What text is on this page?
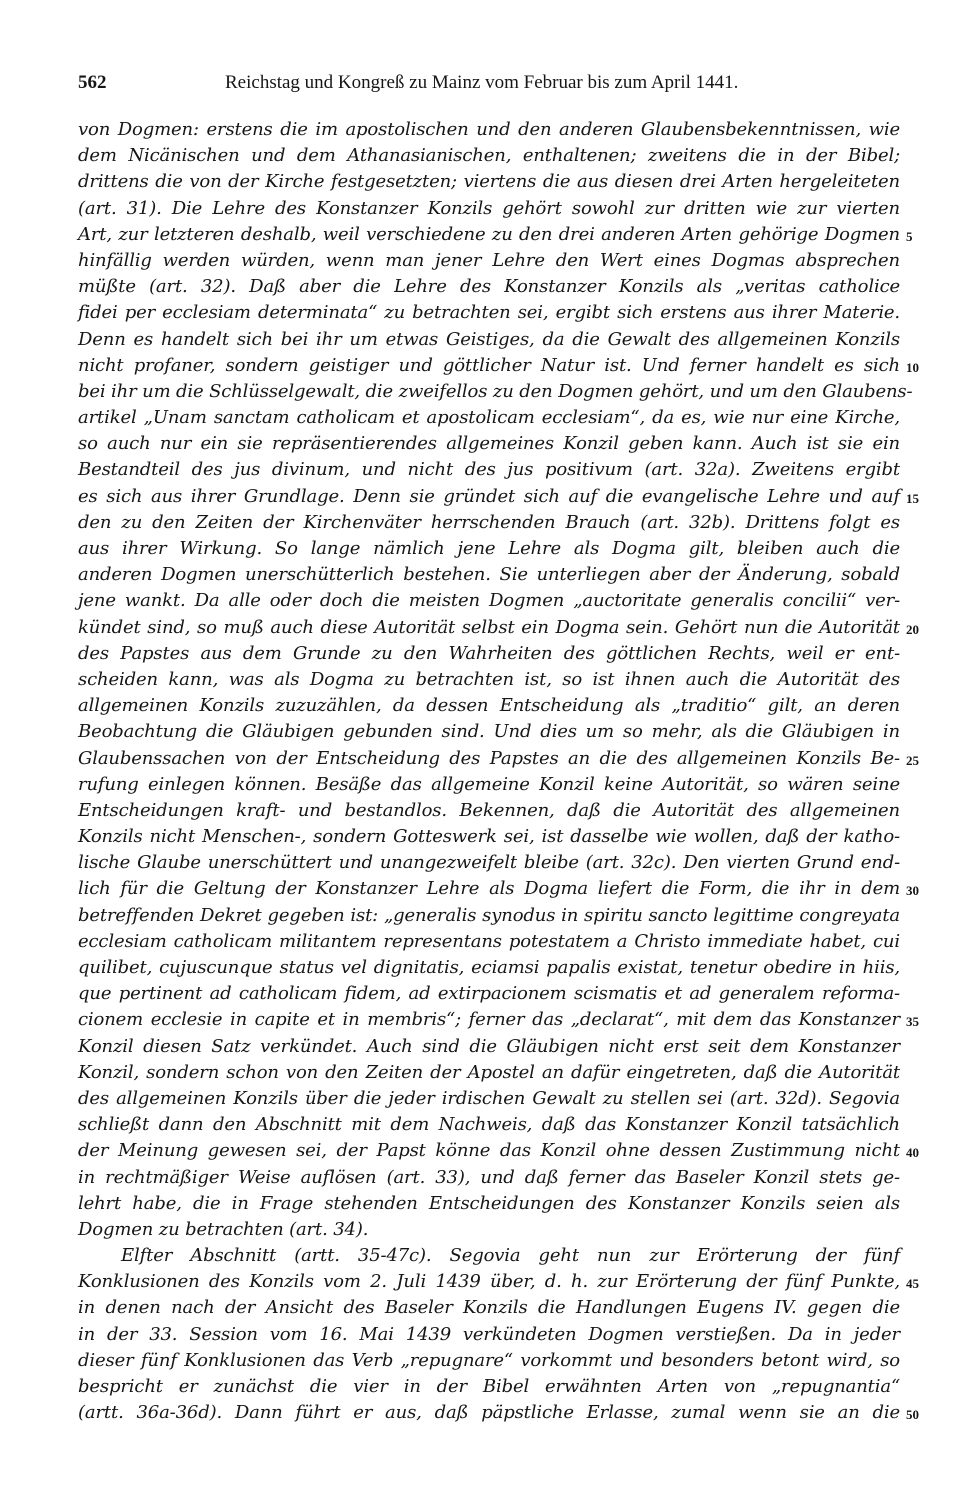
562	Reichstag und Kongreß zu Mainz vom Februar bis zum April 1441.
von Dogmen: erstens die im apostolischen und den anderen Glaubensbekenntnissen, wie
dem Nicänischen und dem Athanasianischen, enthaltenen; zweitens die in der Bibel;
drittens die von der Kirche festgesetzten; viertens die aus diesen drei Arten hergeleiteten
(art. 31). Die Lehre des Konstanzer Konzils gehört sowohl zur dritten wie zur vierten
Art, zur letzteren deshalb, weil verschiedene zu den drei anderen Arten gehörige Dogmen 5
hinfällig werden würden, wenn man jener Lehre den Wert eines Dogmas absprechen
müßte (art. 32). Daß aber die Lehre des Konstanzer Konzils als „veritas catholice
fidei per ecclesiam determinata“ zu betrachten sei, ergibt sich erstens aus ihrer Materie.
Denn es handelt sich bei ihr um etwas Geistiges, da die Gewalt des allgemeinen Konzils
nicht profaner, sondern geistiger und göttlicher Natur ist. Und ferner handelt es sich 10
bei ihr um die Schlüsselgewalt, die zweifellos zu den Dogmen gehört, und um den Glaubens-
artikel „Unam sanctam catholicam et apostolicam ecclesiam“, da es, wie nur eine Kirche,
so auch nur ein sie repräsentierendes allgemeines Konzil geben kann. Auch ist sie ein
Bestandteil des jus divinum, und nicht des jus positivum (art. 32a). Zweitens ergibt
es sich aus ihrer Grundlage. Denn sie gründet sich auf die evangelische Lehre und auf 15
den zu den Zeiten der Kirchenväter herrschenden Brauch (art. 32b). Drittens folgt es
aus ihrer Wirkung. So lange nämlich jene Lehre als Dogma gilt, bleiben auch die
anderen Dogmen unerschütterlich bestehen. Sie unterliegen aber der Änderung, sobald
jene wankt. Da alle oder doch die meisten Dogmen „auctoritate generalis concilii“ ver-
kündet sind, so muß auch diese Autorität selbst ein Dogma sein. Gehört nun die Autorität 20
des Papstes aus dem Grunde zu den Wahrheiten des göttlichen Rechts, weil er ent-
scheiden kann, was als Dogma zu betrachten ist, so ist ihnen auch die Autorität des
allgemeinen Konzils zuzuzählen, da dessen Entscheidung als „traditio“ gilt, an deren
Beobachtung die Gläubigen gebunden sind. Und dies um so mehr, als die Gläubigen in
Glaubenssachen von der Entscheidung des Papstes an die des allgemeinen Konzils Be- 25
rufung einlegen können. Besäße das allgemeine Konzil keine Autorität, so wären seine
Entscheidungen kraft- und bestandlos. Bekennen, daß die Autorität des allgemeinen
Konzils nicht Menschen-, sondern Gotteswerk sei, ist dasselbe wie wollen, daß der katho-
lische Glaube unerschüttert und unangezweifelt bleibe (art. 32c). Den vierten Grund end-
lich für die Geltung der Konstanzer Lehre als Dogma liefert die Form, die ihr in dem 30
betreffenden Dekret gegeben ist: „generalis synodus in spiritu sancto legittime congreyata
ecclesiam catholicam militantem representans potestatem a Christo immediate habet, cui
quilibet, cujuscunque status vel dignitatis, eciamsi papalis existat, tenetur obedire in hiis,
que pertinent ad catholicam fidem, ad extirpacionem scismatis et ad generalem reforma-
cionem ecclesie in capite et in membris“; ferner das „declarat“, mit dem das Konstanzer 35
Konzil diesen Satz verkündet. Auch sind die Gläubigen nicht erst seit dem Konstanzer
Konzil, sondern schon von den Zeiten der Apostel an dafür eingetreten, daß die Autorität
des allgemeinen Konzils über die jeder irdischen Gewalt zu stellen sei (art. 32d). Segovia
schließt dann den Abschnitt mit dem Nachweis, daß das Konstanzer Konzil tatsächlich
der Meinung gewesen sei, der Papst könne das Konzil ohne dessen Zustimmung nicht 40
in rechtmäßiger Weise auflösen (art. 33), und daß ferner das Baseler Konzil stets ge-
lehrt habe, die in Frage stehenden Entscheidungen des Konstanzer Konzils seien als
Dogmen zu betrachten (art. 34).
Elfter Abschnitt (artt. 35-47c). Segovia geht nun zur Erörterung der fünf
Konklusionen des Konzils vom 2. Juli 1439 über, d. h. zur Erörterung der fünf Punkte, 45
in denen nach der Ansicht des Baseler Konzils die Handlungen Eugens IV. gegen die
in der 33. Session vom 16. Mai 1439 verkündeten Dogmen verstießen. Da in jeder
dieser fünf Konklusionen das Verb „repugnare“ vorkommt und besonders betont wird, so
bespricht er zunächst die vier in der Bibel erwähnten Arten von „repugnantia“
(artt. 36a-36d). Dann führt er aus, daß päpstliche Erlasse, zumal wenn sie an die 50
